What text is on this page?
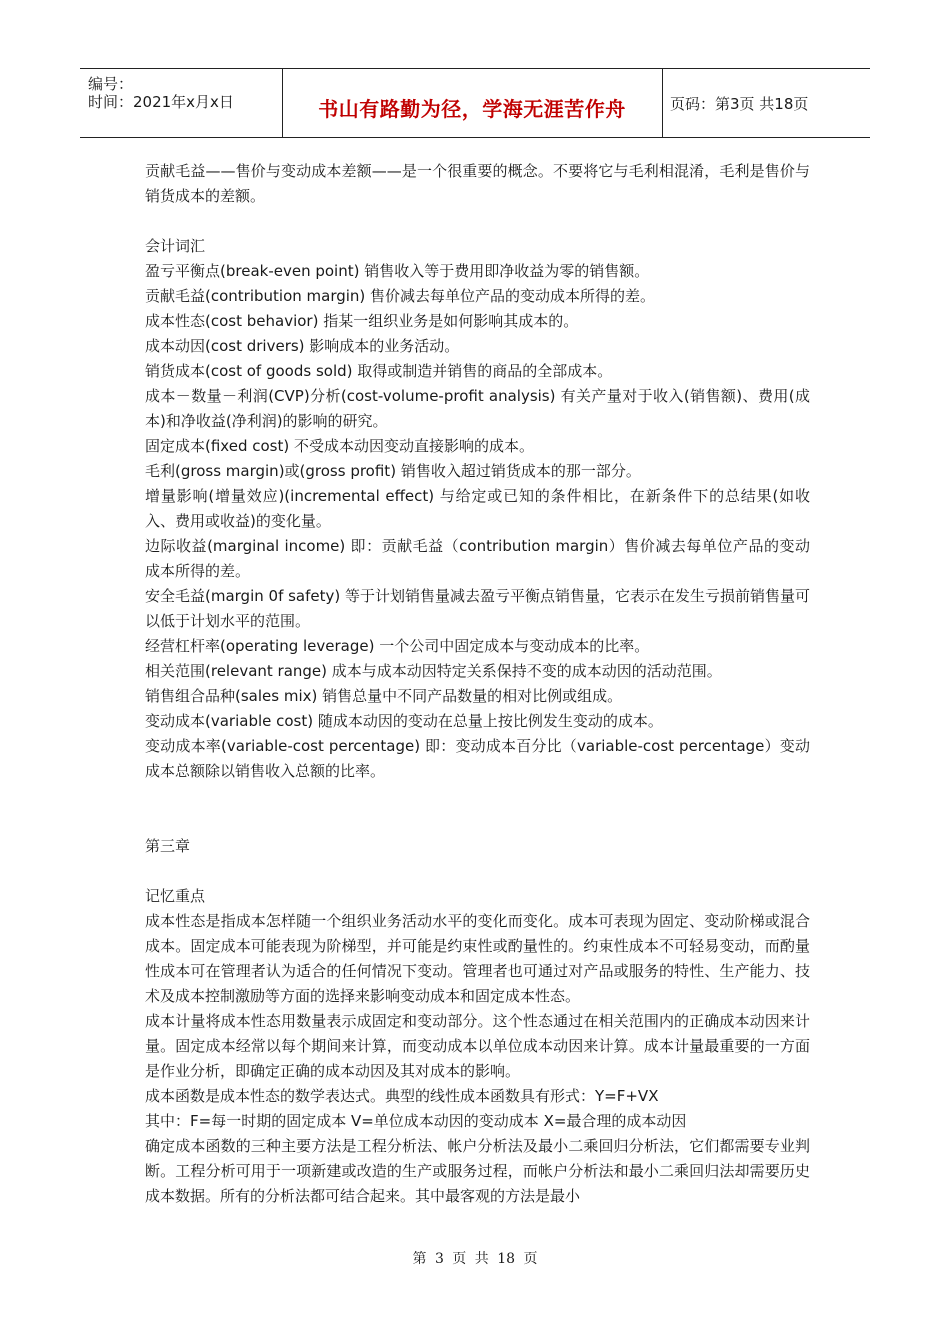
编号：
时间：2021年x月x日	书山有路勤为径，学海无涯苦作舟	页码：第3页 共18页

贡献毛益——售价与变动成本差额——是一个很重要的概念。不要将它与毛利相混淆，毛利是售价与销货成本的差额。

会计词汇

盈亏平衡点(break-even point) 销售收入等于费用即净收益为零的销售额。

贡献毛益(contribution margin) 售价减去每单位产品的变动成本所得的差。

成本性态(cost behavior) 指某一组织业务是如何影响其成本的。

成本动因(cost drivers) 影响成本的业务活动。

销货成本(cost of goods sold) 取得或制造并销售的商品的全部成本。

成本－数量－利润(CVP)分析(cost-volume-profit analysis) 有关产量对于收入(销售额)、费用(成本)和净收益(净利润)的影响的研究。

固定成本(fixed cost) 不受成本动因变动直接影响的成本。

毛利(gross margin)或(gross profit) 销售收入超过销货成本的那一部分。

增量影响(增量效应)(incremental effect) 与给定或已知的条件相比，在新条件下的总结果(如收入、费用或收益)的变化量。

边际收益(marginal income) 即：贡献毛益（contribution margin）售价减去每单位产品的变动成本所得的差。

安全毛益(margin 0f safety) 等于计划销售量减去盈亏平衡点销售量，它表示在发生亏损前销售量可以低于计划水平的范围。

经营杠杆率(operating leverage) 一个公司中固定成本与变动成本的比率。

相关范围(relevant range) 成本与成本动因特定关系保持不变的成本动因的活动范围。

销售组合品种(sales mix) 销售总量中不同产品数量的相对比例或组成。

变动成本(variable cost) 随成本动因的变动在总量上按比例发生变动的成本。

变动成本率(variable-cost percentage) 即：变动成本百分比（variable-cost percentage）变动成本总额除以销售收入总额的比率。

第三章

记忆重点

成本性态是指成本怎样随一个组织业务活动水平的变化而变化。成本可表现为固定、变动阶梯或混合成本。固定成本可能表现为阶梯型，并可能是约束性或酌量性的。约束性成本不可轻易变动，而酌量性成本可在管理者认为适合的任何情况下变动。管理者也可通过对产品或服务的特性、生产能力、技术及成本控制激励等方面的选择来影响变动成本和固定成本性态。

成本计量将成本性态用数量表示成固定和变动部分。这个性态通过在相关范围内的正确成本动因来计量。固定成本经常以每个期间来计算，而变动成本以单位成本动因来计算。成本计量最重要的一方面是作业分析，即确定正确的成本动因及其对成本的影响。

成本函数是成本性态的数学表达式。典型的线性成本函数具有形式：Y=F+VX

其中：F=每一时期的固定成本 V=单位成本动因的变动成本 X=最合理的成本动因

确定成本函数的三种主要方法是工程分析法、帐户分析法及最小二乘回归分析法，它们都需要专业判断。工程分析可用于一项新建或改造的生产或服务过程，而帐户分析法和最小二乘回归法却需要历史成本数据。所有的分析法都可结合起来。其中最客观的方法是最小

第 3 页 共 18 页
